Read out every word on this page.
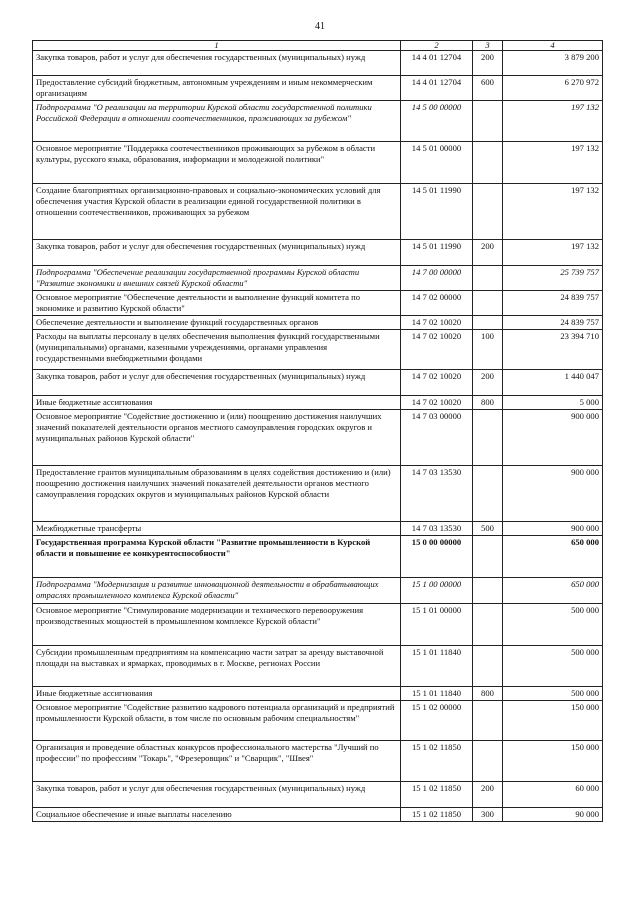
41
1	2	3	4
Закупка товаров, работ и услуг для обеспечения государственных (муниципальных) нужд	14 4 01 12704	200	3 879 200
Предоставление субсидий бюджетным, автономным учреждениям и иным некоммерческим организациям	14 4 01 12704	600	6 270 972
Подпрограмма "О реализации на территории Курской области государственной политики Российской Федерации в отношении соотечественников, проживающих за рубежом"	14 5 00 00000		197 132
Основное мероприятие "Поддержка соотечественников проживающих за рубежом в области культуры, русского языка, образования, информации и молодежной политики"	14 5 01 00000		197 132
Создание благоприятных организационно-правовых и социально-экономических условий для обеспечения участия Курской области в реализации единой государственной политики в отношении соотечественников, проживающих за рубежом	14 5 01 11990		197 132
Закупка товаров, работ и услуг для обеспечения государственных (муниципальных) нужд	14 5 01 11990	200	197 132
Подпрограмма "Обеспечение реализации государственной программы Курской области "Развитие экономики и внешних связей Курской области"	14 7 00 00000		25 739 757
Основное мероприятие "Обеспечение деятельности и выполнение функций комитета по экономике и развитию Курской области"	14 7 02 00000		24 839 757
Обеспечение деятельности и выполнение функций государственных органов	14 7 02 10020		24 839 757
Расходы на выплаты персоналу в целях обеспечения выполнения функций государственными (муниципальными) органами, казенными учреждениями, органами управления государственными внебюджетными фондами	14 7 02 10020	100	23 394 710
Закупка товаров, работ и услуг для обеспечения государственных (муниципальных) нужд	14 7 02 10020	200	1 440 047
Иные бюджетные ассигнования	14 7 02 10020	800	5 000
Основное мероприятие "Содействие достижению и (или) поощрению достижения наилучших значений показателей деятельности органов местного самоуправления городских округов и муниципальных районов Курской области"	14 7 03 00000		900 000
Предоставление грантов муниципальным образованиям в целях содействия достижению и (или) поощрению достижения наилучших значений показателей деятельности органов местного самоуправления городских округов и муниципальных районов Курской области	14 7 03 13530		900 000
Межбюджетные трансферты	14 7 03 13530	500	900 000
Государственная программа Курской области "Развитие промышленности в Курской области и повышение ее конкурентоспособности"	15 0 00 00000		650 000
Подпрограмма "Модернизация и развитие инновационной деятельности в обрабатывающих отраслях промышленного комплекса Курской области"	15 1 00 00000		650 000
Основное мероприятие "Стимулирование модернизации и технического перевооружения производственных мощностей в промышленном комплексе Курской области"	15 1 01 00000		500 000
Субсидии промышленным предприятиям на компенсацию части затрат за аренду выставочной площади на выставках и ярмарках, проводимых в г. Москве, регионах России	15 1 01 11840		500 000
Иные бюджетные ассигнования	15 1 01 11840	800	500 000
Основное мероприятие "Содействие развитию кадрового потенциала организаций и предприятий промышленности Курской области, в том числе по основным рабочим специальностям"	15 1 02 00000		150 000
Организация и проведение областных конкурсов профессионального мастерства "Лучший по профессии" по профессиям "Токарь", "Фрезеровщик" и "Сварщик", "Швея"	15 1 02 11850		150 000
Закупка товаров, работ и услуг для обеспечения государственных (муниципальных) нужд	15 1 02 11850	200	60 000
Социальное обеспечение и иные выплаты населению	15 1 02 11850	300	90 000
